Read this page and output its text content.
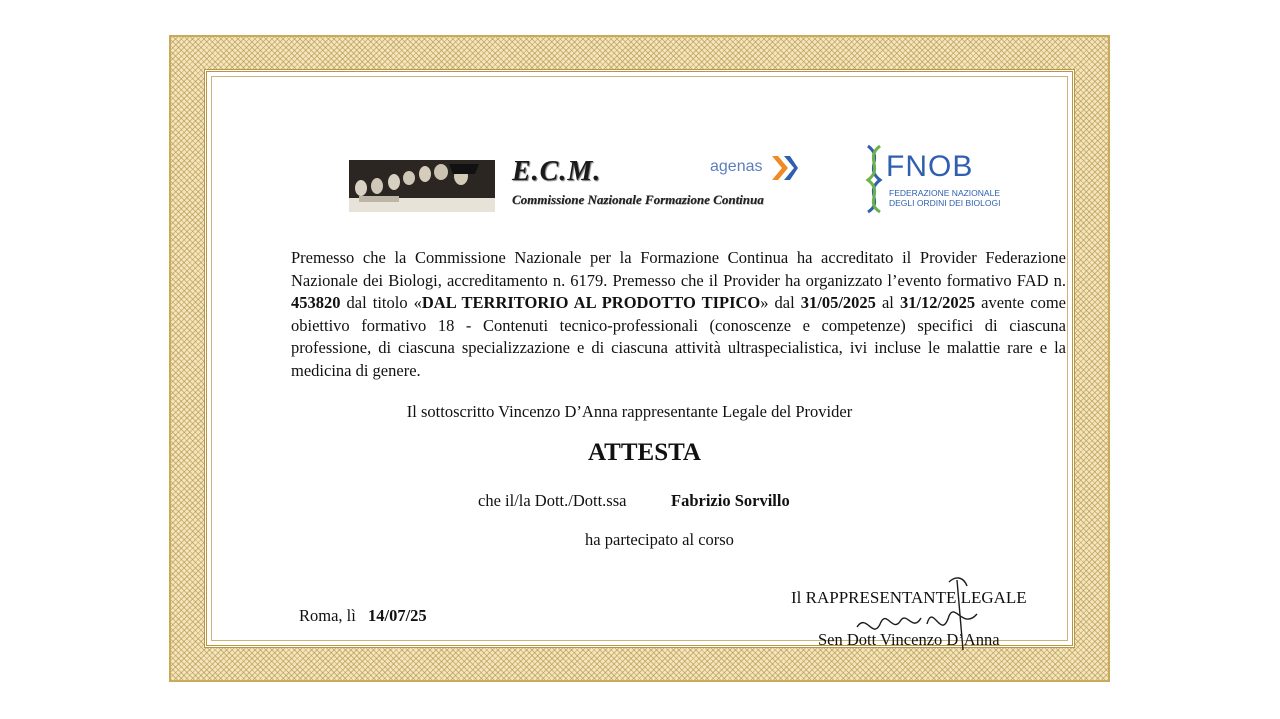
E.C.M.
Commissione Nazionale Formazione Continua
agenas	FNOB
FEDERAZIONE NAZIONALE
DEGLI ORDINI DEI BIOLOGI
Premesso che la Commissione Nazionale per la Formazione Continua ha accreditato il Provider Federazione Nazionale dei Biologi, accreditamento n. 6179. Premesso che il Provider ha organizzato l’evento formativo FAD n. 453820 dal titolo «DAL TERRITORIO AL PRODOTTO TIPICO» dal 31/05/2025 al 31/12/2025 avente come obiettivo formativo 18 - Contenuti tecnico-professionali (conoscenze e competenze) specifici di ciascuna professione, di ciascuna specializzazione e di ciascuna attività ultraspecialistica, ivi incluse le malattie rare e la medicina di genere.
Il sottoscritto Vincenzo D’Anna rappresentante Legale del Provider
ATTESTA
che il/la Dott./Dott.ssa	Fabrizio Sorvillo
ha partecipato al corso
Roma, lì 14/07/25
Il RAPPRESENTANTE LEGALE
Sen Dott Vincenzo D’Anna
